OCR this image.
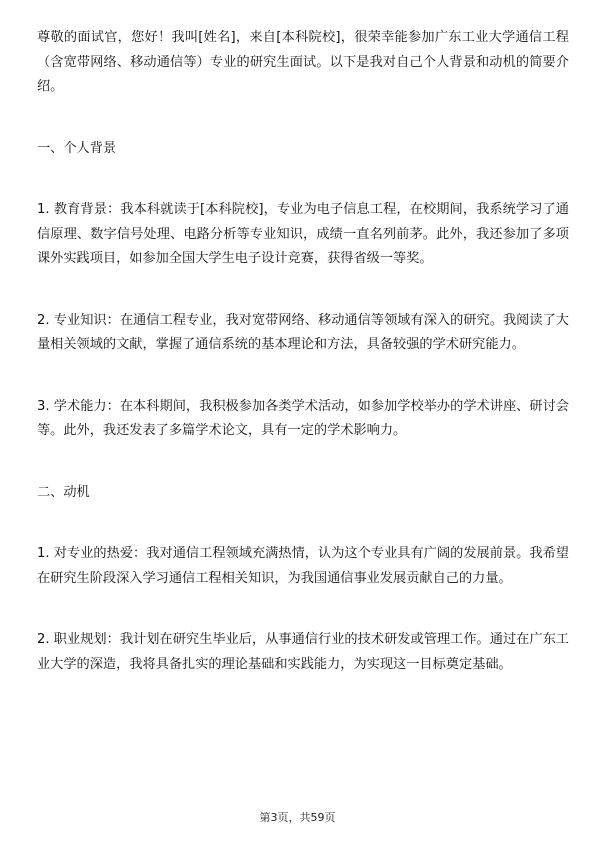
尊敬的面试官，您好！我叫[姓名]，来自[本科院校]，很荣幸能参加广东工业大学通信工程（含宽带网络、移动通信等）专业的研究生面试。以下是我对自己个人背景和动机的简要介绍。

一、个人背景

1. 教育背景：我本科就读于[本科院校]，专业为电子信息工程，在校期间，我系统学习了通信原理、数字信号处理、电路分析等专业知识，成绩一直名列前茅。此外，我还参加了多项课外实践项目，如参加全国大学生电子设计竞赛，获得省级一等奖。

2. 专业知识：在通信工程专业，我对宽带网络、移动通信等领域有深入的研究。我阅读了大量相关领域的文献，掌握了通信系统的基本理论和方法，具备较强的学术研究能力。

3. 学术能力：在本科期间，我积极参加各类学术活动，如参加学校举办的学术讲座、研讨会等。此外，我还发表了多篇学术论文，具有一定的学术影响力。

二、动机

1. 对专业的热爱：我对通信工程领域充满热情，认为这个专业具有广阔的发展前景。我希望在研究生阶段深入学习通信工程相关知识，为我国通信事业发展贡献自己的力量。

2. 职业规划：我计划在研究生毕业后，从事通信行业的技术研发或管理工作。通过在广东工业大学的深造，我将具备扎实的理论基础和实践能力，为实现这一目标奠定基础。

第3页，共59页
